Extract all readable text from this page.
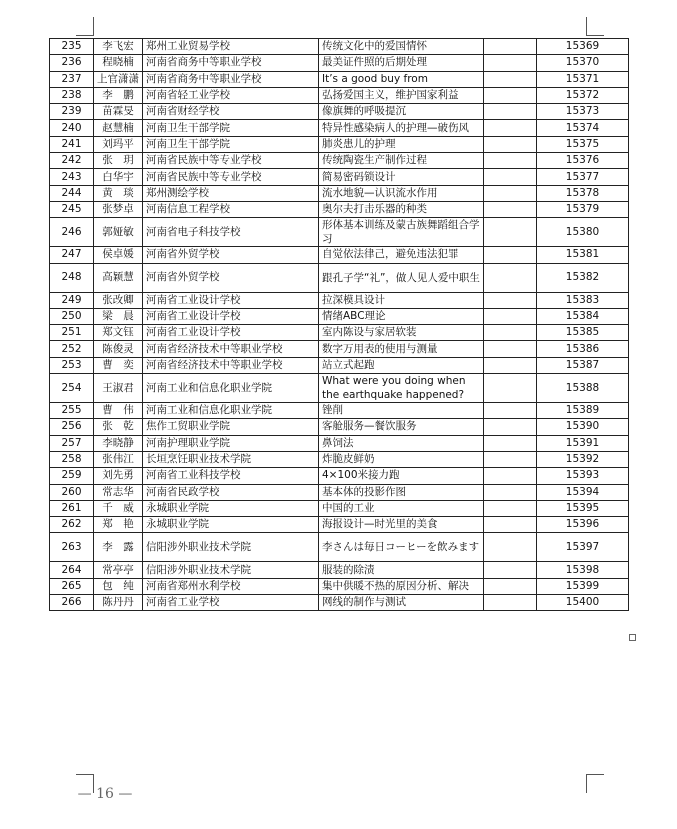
235	李飞宏	郑州工业贸易学校	传统文化中的爱国情怀		15369
236	程晓楠	河南省商务中等职业学校	最美证件照的后期处理		15370
237	上官潇潇	河南省商务中等职业学校	It’s a good buy from		15371
238	李　鹏	河南省轻工业学校	弘扬爱国主义，维护国家利益		15372
239	苗霖旻	河南省财经学校	像旗舞的呼吸提沉		15373
240	赵慧楠	河南卫生干部学院	特异性感染病人的护理—破伤风		15374
241	刘玛平	河南卫生干部学院	肺炎患儿的护理		15375
242	张　玥	河南省民族中等专业学校	传统陶瓷生产制作过程		15376
243	白华宇	河南省民族中等专业学校	简易密码锁设计		15377
244	黄　琰	郑州测绘学校	流水地貌—认识流水作用		15378
245	张梦卓	河南信息工程学校	奥尔夫打击乐器的种类		15379
246	郭娅敏	河南省电子科技学校	形体基本训练及蒙古族舞蹈组合学习		15380
247	侯卓媛	河南省外贸学校	自觉依法律己，避免违法犯罪		15381
248	高颖慧	河南省外贸学校	跟孔子学“礼”，做人见人爱中职生		15382
249	张改卿	河南省工业设计学校	拉深模具设计		15383
250	梁　晨	河南省工业设计学校	情绪ABC理论		15384
251	郑文钰	河南省工业设计学校	室内陈设与家居软装		15385
252	陈俊灵	河南省经济技术中等职业学校	数字万用表的使用与测量		15386
253	曹　奕	河南省经济技术中等职业学校	站立式起跑		15387
254	王淑君	河南工业和信息化职业学院	What were you doing when the earthquake happened?		15388
255	曹　伟	河南工业和信息化职业学院	锉削		15389
256	张　乾	焦作工贸职业学院	客舱服务—餐饮服务		15390
257	李晓静	河南护理职业学院	鼻饲法		15391
258	张伟江	长垣烹饪职业技术学院	炸脆皮鲜奶		15392
259	刘先勇	河南省工业科技学校	4×100米接力跑		15393
260	常志华	河南省民政学校	基本体的投影作图		15394
261	千　威	永城职业学院	中国的工业		15395
262	郑　艳	永城职业学院	海报设计—时光里的美食		15396
263	李　露	信阳涉外职业技术学院	李さんは毎日コーヒーを飲みます		15397
264	常亭亭	信阳涉外职业技术学院	服装的除渍		15398
265	包　纯	河南省郑州水利学校	集中供暖不热的原因分析、解决		15399
266	陈丹丹	河南省工业学校	网线的制作与测试		15400
— 16 —
